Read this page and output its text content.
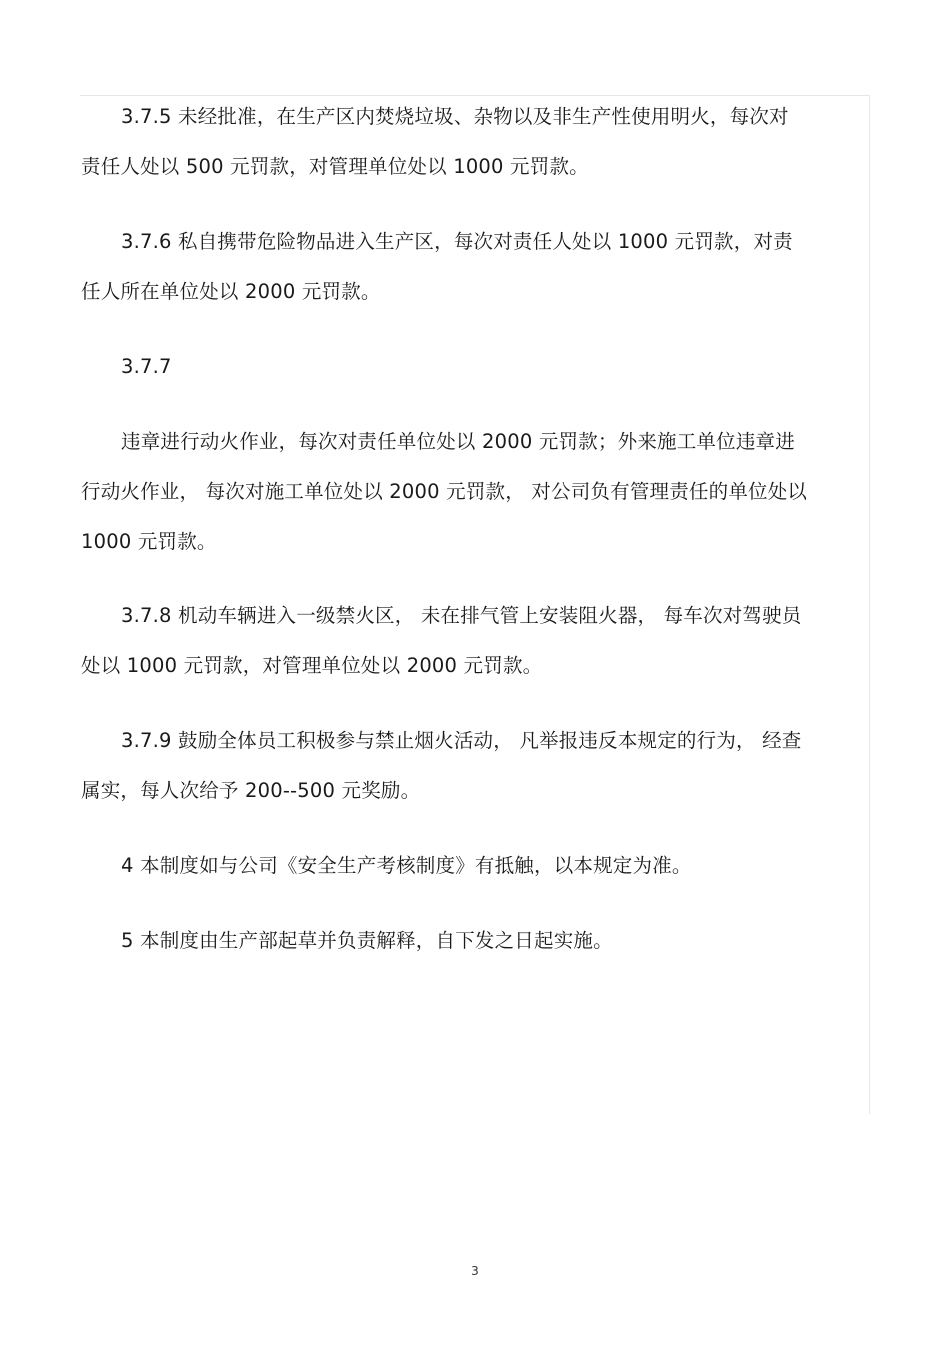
3.7.5 未经批准，在生产区内焚烧垃圾、杂物以及非生产性使用明火，每次对
责任人处以 500 元罚款，对管理单位处以 1000 元罚款。
3.7.6 私自携带危险物品进入生产区，每次对责任人处以 1000 元罚款，对责
任人所在单位处以 2000 元罚款。
3.7.7
违章进行动火作业，每次对责任单位处以 2000 元罚款；外来施工单位违章进
行动火作业， 每次对施工单位处以 2000 元罚款， 对公司负有管理责任的单位处以
1000 元罚款。
3.7.8 机动车辆进入一级禁火区， 未在排气管上安装阻火器， 每车次对驾驶员
处以 1000 元罚款，对管理单位处以 2000 元罚款。
3.7.9 鼓励全体员工积极参与禁止烟火活动， 凡举报违反本规定的行为， 经查
属实，每人次给予 200--500 元奖励。
4 本制度如与公司《安全生产考核制度》有抵触，以本规定为准。
5 本制度由生产部起草并负责解释，自下发之日起实施。
3
